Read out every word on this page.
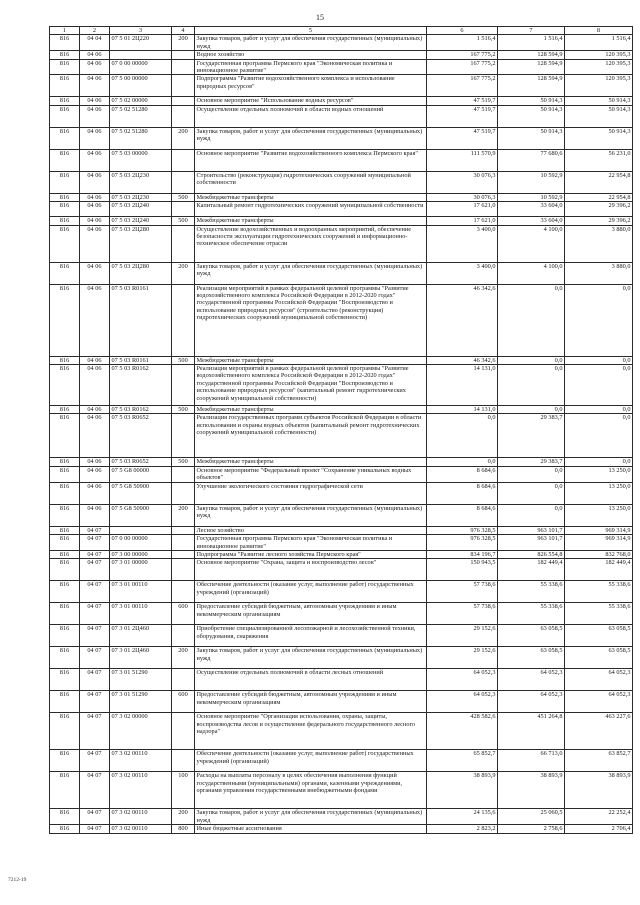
15
1	2	3	4	5	6	7	8
816	04 04	07 5 01 2Ц220	200	Закупка товаров, работ и услуг для обеспечения государственных (муниципальных) нужд	1 516,4	1 516,4	1 516,4
816	04 06			Водное хозяйство	167 775,2	128 594,9	120 395,3
816	04 06	07 0 00 00000		Государственная программа Пермского края "Экономическая политика и инновационное развитие"	167 775,2	128 594,9	120 395,3
816	04 06	07 5 00 00000		Подпрограмма "Развитие водохозяйственного комплекса и использование природных ресурсов"	167 775,2	128 594,9	120 395,3
816	04 06	07 5 02 00000		Основное мероприятие "Использование водных ресурсов"	47 519,7	50 914,3	50 914,3
816	04 06	07 5 02 51280		Осуществление отдельных полномочий в области водных отношений	47 519,7	50 914,3	50 914,3
816	04 06	07 5 02 51280	200	Закупка товаров, работ и услуг для обеспечения государственных (муниципальных) нужд	47 519,7	50 914,3	50 914,3
816	04 06	07 5 03 00000		Основное мероприятие "Развитие водохозяйственного комплекса Пермского края"	111 570,9	77 680,6	56 231,0
816	04 06	07 5 03 2Ц230		Строительство (реконструкция) гидротехнических сооружений муниципальной собственности	30 076,3	10 592,9	22 954,8
816	04 06	07 5 03 2Ц230	500	Межбюджетные трансферты	30 076,3	10 592,9	22 954,8
816	04 06	07 5 03 2Ц240		Капитальный ремонт гидротехнических сооружений муниципальной собственности	17 621,0	33 604,0	29 396,2
816	04 06	07 5 03 2Ц240	500	Межбюджетные трансферты	17 621,0	33 604,0	29 396,2
816	04 06	07 5 03 2Ц280		Осуществление водохозяйственных и водоохранных мероприятий, обеспечение безопасности эксплуатации гидротехнических сооружений и информационно-техническое обеспечение отрасли	3 400,0	4 100,0	3 880,0
816	04 06	07 5 03 2Ц280	200	Закупка товаров, работ и услуг для обеспечения государственных (муниципальных) нужд	3 400,0	4 100,0	3 880,0
816	04 06	07 5 03 R0161		Реализация мероприятий в рамках федеральной целевой программы "Развитие водохозяйственного комплекса Российской Федерации в 2012-2020 годах" государственной программы Российской Федерации "Воспроизводство и использование природных ресурсов" (строительство (реконструкция) гидротехнических сооружений муниципальной собственности)	46 342,6	0,0	0,0
816	04 06	07 5 03 R0161	500	Межбюджетные трансферты	46 342,6	0,0	0,0
816	04 06	07 5 03 R0162		Реализация мероприятий в рамках федеральной целевой программы "Развитие водохозяйственного комплекса Российской Федерации в 2012-2020 годах" государственной программы Российской Федерации "Воспроизводство и использование природных ресурсов" (капитальный ремонт гидротехнических сооружений муниципальной собственности)	14 131,0	0,0	0,0
816	04 06	07 5 03 R0162	500	Межбюджетные трансферты	14 131,0	0,0	0,0
816	04 06	07 5 03 R0652		Реализация государственных программ субъектов Российской Федерации в области использования и охраны водных объектов (капитальный ремонт гидротехнических сооружений муниципальной собственности)	0,0	29 383,7	0,0
816	04 06	07 5 03 R0652	500	Межбюджетные трансферты	0,0	29 383,7	0,0
816	04 06	07 5 G8 00000		Основное мероприятие "Федеральный проект "Сохранение уникальных водных объектов"	8 684,6	0,0	13 250,0
816	04 06	07 5 G8 50900		Улучшение экологического состояния гидрографической сети	8 684,6	0,0	13 250,0
816	04 06	07 5 G8 50900	200	Закупка товаров, работ и услуг для обеспечения государственных (муниципальных) нужд	8 684,6	0,0	13 250,0
816	04 07			Лесное хозяйство	976 328,5	963 101,7	969 314,9
816	04 07	07 0 00 00000		Государственная программа Пермского края "Экономическая политика и инновационное развитие"	976 328,5	963 101,7	969 314,9
816	04 07	07 3 00 00000		Подпрограмма "Развитие лесного хозяйства Пермского края"	834 196,7	826 554,8	832 768,0
816	04 07	07 3 01 00000		Основное мероприятие "Охрана, защита и воспроизводство лесов"	150 943,5	182 449,4	182 449,4
816	04 07	07 3 01 00110		Обеспечение деятельности (оказание услуг, выполнение работ) государственных учреждений (организаций)	57 738,6	55 338,6	55 338,6
816	04 07	07 3 01 00110	600	Предоставление субсидий бюджетным, автономным учреждениям и иным некоммерческим организациям	57 738,6	55 338,6	55 338,6
816	04 07	07 3 01 2Ц460		Приобретение специализированной лесопожарной и лесохозяйственной техники, оборудования, снаряжения	29 152,6	63 058,5	63 058,5
816	04 07	07 3 01 2Ц460	200	Закупка товаров, работ и услуг для обеспечения государственных (муниципальных) нужд	29 152,6	63 058,5	63 058,5
816	04 07	07 3 01 51290		Осуществление отдельных полномочий в области лесных отношений	64 052,3	64 052,3	64 052,3
816	04 07	07 3 01 51290	600	Предоставление субсидий бюджетным, автономным учреждениям и иным некоммерческим организациям	64 052,3	64 052,3	64 052,3
816	04 07	07 3 02 00000		Основное мероприятие "Организация использования, охраны, защиты, воспроизводства лесов и осуществление федерального государственного лесного надзора"	428 582,6	451 264,8	463 227,6
816	04 07	07 3 02 00110		Обеспечение деятельности (оказание услуг, выполнение работ) государственных учреждений (организаций)	65 852,7	66 713,0	63 852,7
816	04 07	07 3 02 00110	100	Расходы на выплаты персоналу в целях обеспечения выполнения функций государственными (муниципальными) органами, казенными учреждениями, органами управления государственными внебюджетными фондами	38 893,9	38 893,9	38 893,9
816	04 07	07 3 02 00110	200	Закупка товаров, работ и услуг для обеспечения государственных (муниципальных) нужд	24 135,6	25 060,5	22 252,4
816	04 07	07 3 02 00110	800	Иные бюджетные ассигнования	2 823,2	2 758,6	2 706,4
7212-19
